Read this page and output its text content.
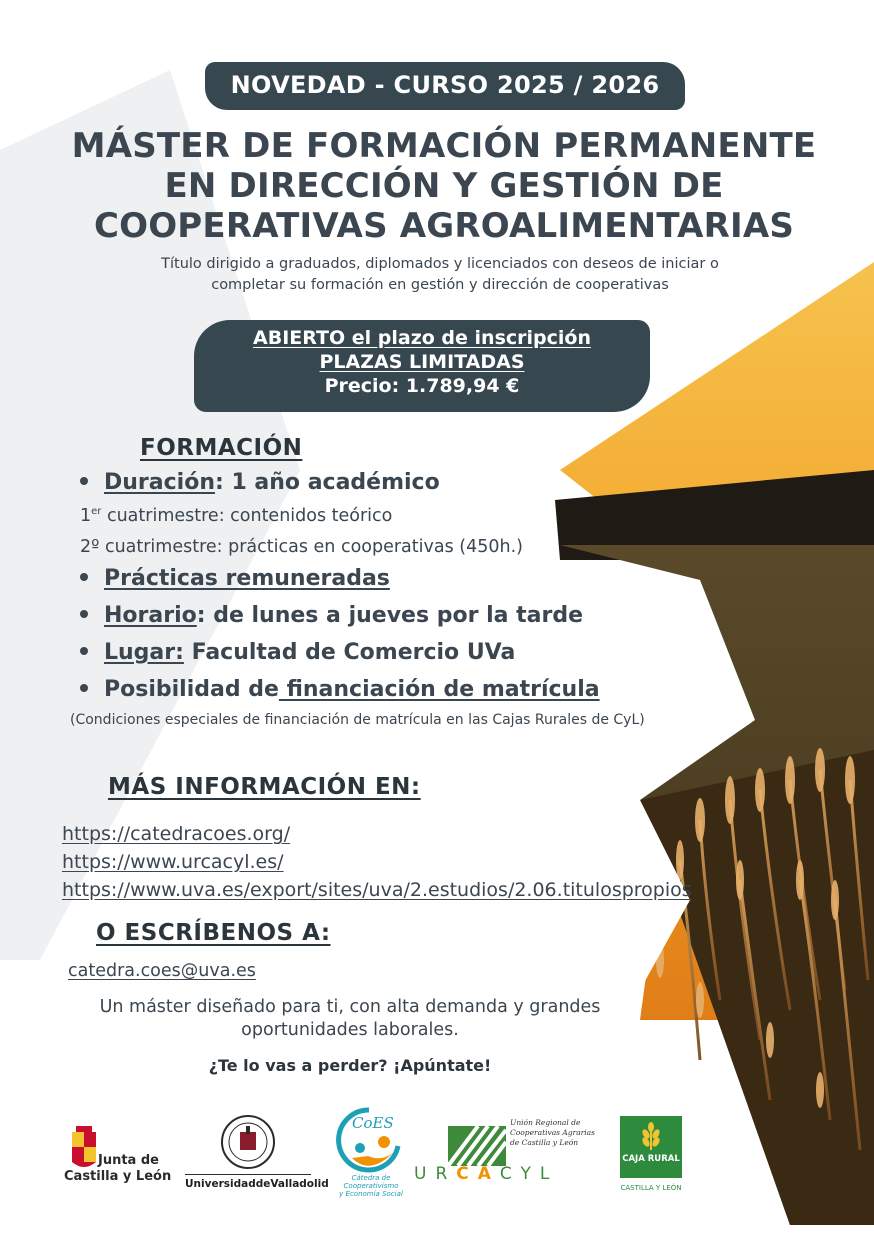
NOVEDAD - CURSO 2025 / 2026
MÁSTER DE FORMACIÓN PERMANENTE
EN DIRECCIÓN Y GESTIÓN DE
COOPERATIVAS AGROALIMENTARIAS
Título dirigido a graduados, diplomados y licenciados con deseos de iniciar o
completar su formación en gestión y dirección de cooperativas
ABIERTO el plazo de inscripción
PLAZAS LIMITADAS
Precio: 1.789,94 €
FORMACIÓN
Duración: 1 año académico
1er cuatrimestre: contenidos teórico
2º cuatrimestre: prácticas en cooperativas (450h.)
Prácticas remuneradas
Horario: de lunes a jueves por la tarde
Lugar: Facultad de Comercio UVa
Posibilidad de financiación de matrícula
(Condiciones especiales de financiación de matrícula en las Cajas Rurales de CyL)
MÁS INFORMACIÓN EN:
https://catedracoes.org/
https://www.urcacyl.es/
https://www.uva.es/export/sites/uva/2.estudios/2.06.titulospropios
O ESCRÍBENOS A:
catedra.coes@uva.es
Un máster diseñado para ti, con alta demanda y grandes
oportunidades laborales.
¿Te lo vas a perder? ¡Apúntate!
Junta de
Castilla y León UniversidaddeValladolid
CoES
Cátedra de Cooperativismo
y Economía Social
Unión Regional de
Cooperativas Agrarias
de Castilla y León
URCACYL
CAJA RURAL
CASTILLA Y LEÓN
